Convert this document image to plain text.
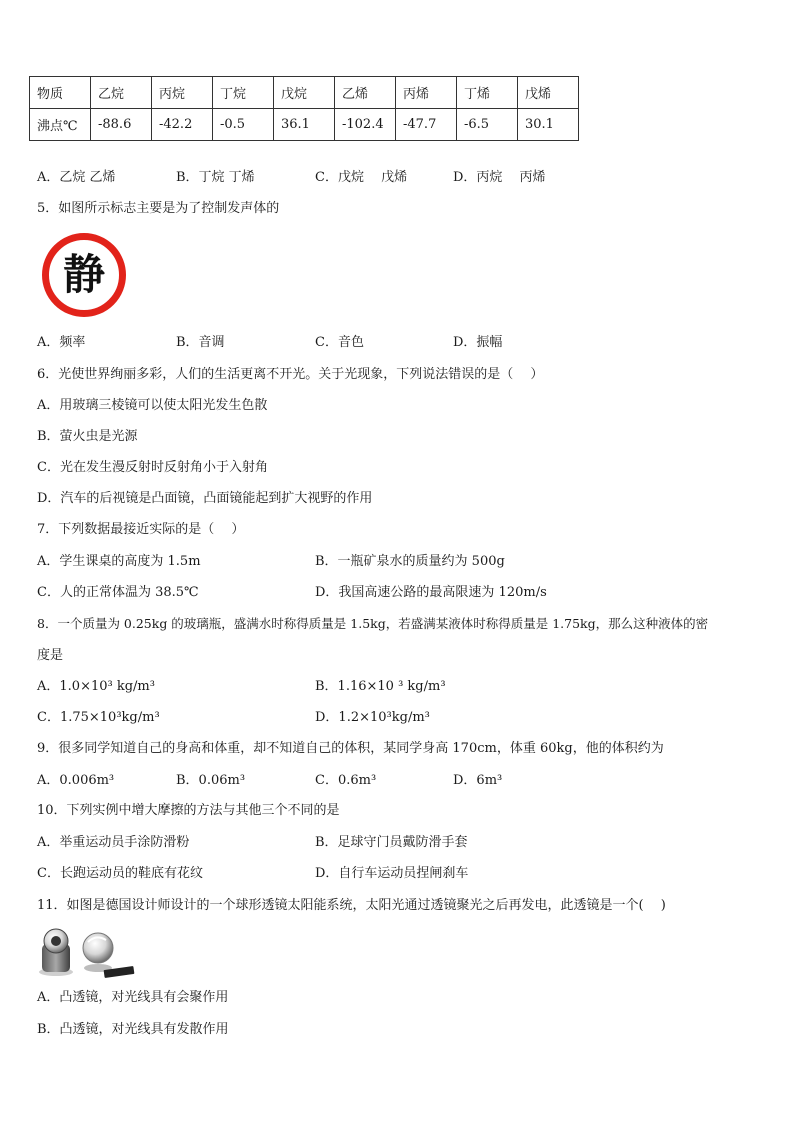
物质	乙烷	丙烷	丁烷	戊烷	乙烯	丙烯	丁烯	戊烯
沸点℃	-88.6	-42.2	-0.5	36.1	-102.4	-47.7	-6.5	30.1
A．乙烷 乙烯	B．丁烷 丁烯	C．戊烷　 戊烯	D．丙烷　 丙烯
5．如图所示标志主要是为了控制发声体的
静
A．频率	B．音调	C．音色	D．振幅
6．光使世界绚丽多彩，人们的生活更离不开光。关于光现象，下列说法错误的是（　 ）
A．用玻璃三棱镜可以使太阳光发生色散
B．萤火虫是光源
C．光在发生漫反射时反射角小于入射角
D．汽车的后视镜是凸面镜，凸面镜能起到扩大视野的作用
7．下列数据最接近实际的是（　 ）
A．学生课桌的高度为 1.5m	B．一瓶矿泉水的质量约为 500g
C．人的正常体温为 38.5℃	D．我国高速公路的最高限速为 120m/s
8．一个质量为 0.25kg 的玻璃瓶，盛满水时称得质量是 1.5kg，若盛满某液体时称得质量是 1.75kg，那么这种液体的密
度是
A．1.0×10³ kg/m³	B．1.16×10 ³ kg/m³
C．1.75×10³kg/m³	D．1.2×10³kg/m³
9．很多同学知道自己的身高和体重，却不知道自己的体积，某同学身高 170cm，体重 60kg，他的体积约为
A．0.006m³	B．0.06m³	C．0.6m³	D．6m³
10．下列实例中增大摩擦的方法与其他三个不同的是
A．举重运动员手涂防滑粉	B．足球守门员戴防滑手套
C．长跑运动员的鞋底有花纹	D．自行车运动员捏闸刹车
11．如图是德国设计师设计的一个球形透镜太阳能系统，太阳光通过透镜聚光之后再发电，此透镜是一个(　 )
A．凸透镜，对光线具有会聚作用
B．凸透镜，对光线具有发散作用
